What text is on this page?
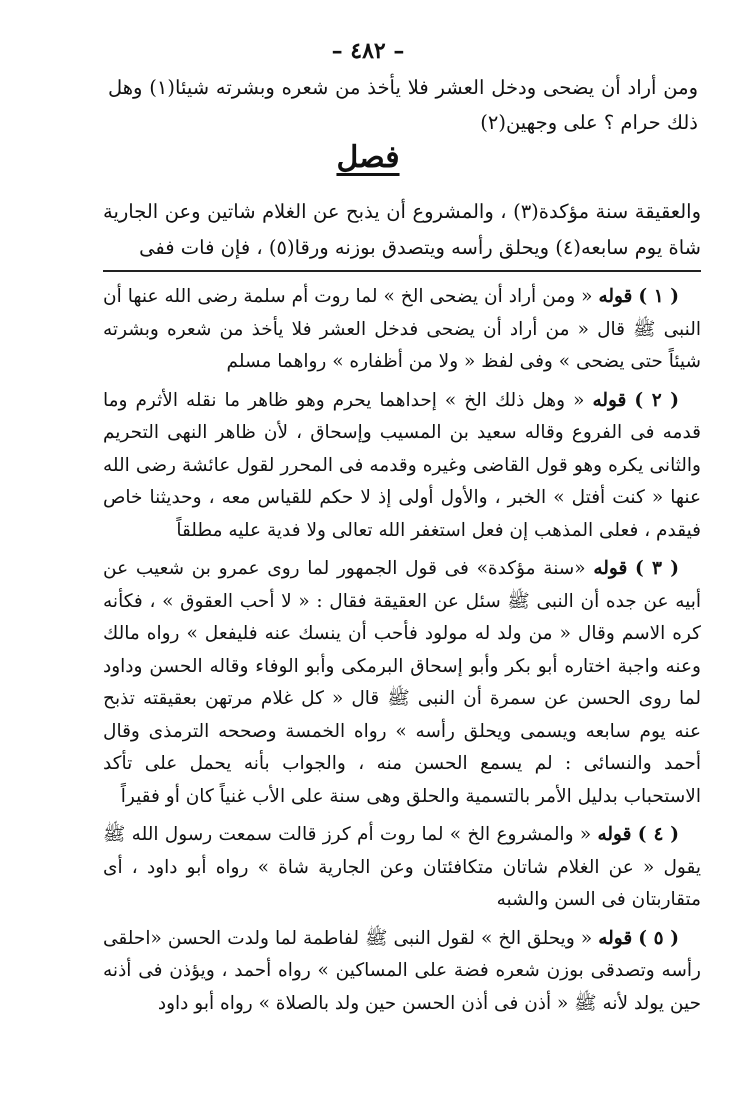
– ٤٨٢ –

ومن أراد أن يضحى ودخل العشر فلا يأخذ من شعره وبشرته شيئا(١) وهل ذلك حرام ؟ على وجهين(٢)

فصل

والعقيقة سنة مؤكدة(٣) ، والمشروع أن يذبح عن الغلام شاتين وعن الجارية شاة يوم سابعه(٤) ويحلق رأسه ويتصدق بوزنه ورقا(٥) ، فإن فات ففى

( ١ ) قوله « ومن أراد أن يضحى الخ » لما روت أم سلمة رضى الله عنها أن النبى ﷺ قال « من أراد أن يضحى فدخل العشر فلا يأخذ من شعره وبشرته شيئاً حتى يضحى » وفى لفظ « ولا من أظفاره » رواهما مسلم

( ٢ ) قوله « وهل ذلك الخ » إحداهما يحرم وهو ظاهر ما نقله الأثرم وما قدمه فى الفروع وقاله سعيد بن المسيب وإسحاق ، لأن ظاهر النهى التحريم والثانى يكره وهو قول القاضى وغيره وقدمه فى المحرر لقول عائشة رضى الله عنها « كنت أفتل » الخبر ، والأول أولى إذ لا حكم للقياس معه ، وحديثنا خاص فيقدم ، فعلى المذهب إن فعل استغفر الله تعالى ولا فدية عليه مطلقاً

( ٣ ) قوله «سنة مؤكدة» فى قول الجمهور لما روى عمرو بن شعيب عن أبيه عن جده أن النبى ﷺ سئل عن العقيقة فقال : « لا أحب العقوق » ، فكأنه كره الاسم وقال « من ولد له مولود فأحب أن ينسك عنه فليفعل » رواه مالك وعنه واجبة اختاره أبو بكر وأبو إسحاق البرمكى وأبو الوفاء وقاله الحسن وداود لما روى الحسن عن سمرة أن النبى ﷺ قال « كل غلام مرتهن بعقيقته تذبح عنه يوم سابعه ويسمى ويحلق رأسه » رواه الخمسة وصححه الترمذى وقال أحمد والنسائى : لم يسمع الحسن منه ، والجواب بأنه يحمل على تأكد الاستحباب بدليل الأمر بالتسمية والحلق وهى سنة على الأب غنياً كان أو فقيراً

( ٤ ) قوله « والمشروع الخ » لما روت أم كرز قالت سمعت رسول الله ﷺ يقول « عن الغلام شاتان متكافئتان وعن الجارية شاة » رواه أبو داود ، أى متقاربتان فى السن والشبه

( ٥ ) قوله « ويحلق الخ » لقول النبى ﷺ لفاطمة لما ولدت الحسن «احلقى رأسه وتصدقى بوزن شعره فضة على المساكين » رواه أحمد ، ويؤذن فى أذنه حين يولد لأنه ﷺ « أذن فى أذن الحسن حين ولد بالصلاة » رواه أبو داود
